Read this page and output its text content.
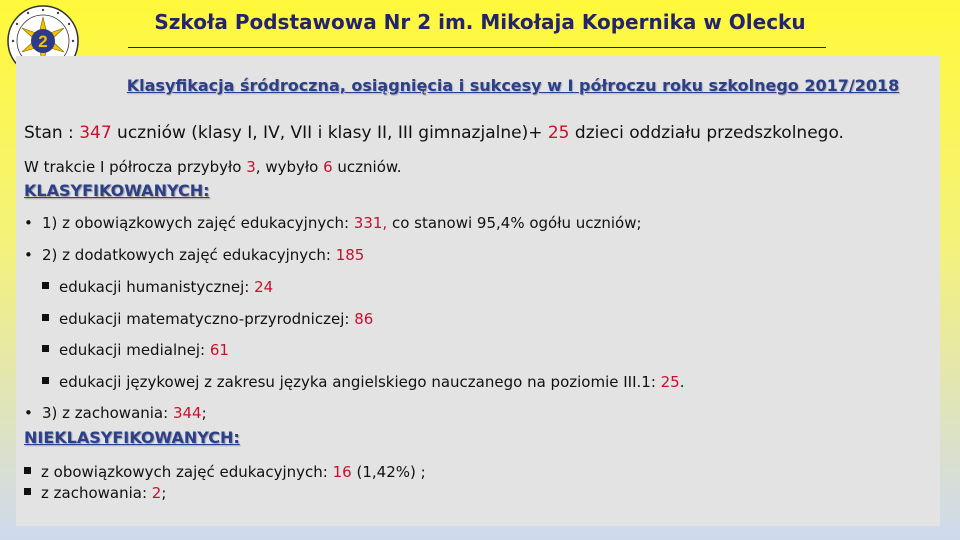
2
Szkoła Podstawowa Nr 2 im. Mikołaja Kopernika w Olecku
Klasyfikacja śródroczna, osiągnięcia i sukcesy w I półroczu roku szkolnego 2017/2018
Stan : 347 uczniów (klasy I, IV, VII i klasy II, III gimnazjalne)+ 25 dzieci oddziału przedszkolnego.
W trakcie I półrocza przybyło 3, wybyło 6 uczniów.
KLASYFIKOWANYCH:
• 1) z obowiązkowych zajęć edukacyjnych: 331, co stanowi 95,4% ogółu uczniów;
• 2) z dodatkowych zajęć edukacyjnych: 185
edukacji humanistycznej: 24
edukacji matematyczno-przyrodniczej: 86
edukacji medialnej: 61
edukacji językowej z zakresu języka angielskiego nauczanego na poziomie III.1: 25.
• 3) z zachowania: 344;
NIEKLASYFIKOWANYCH:
z obowiązkowych zajęć edukacyjnych: 16 (1,42%) ;
z zachowania: 2;
